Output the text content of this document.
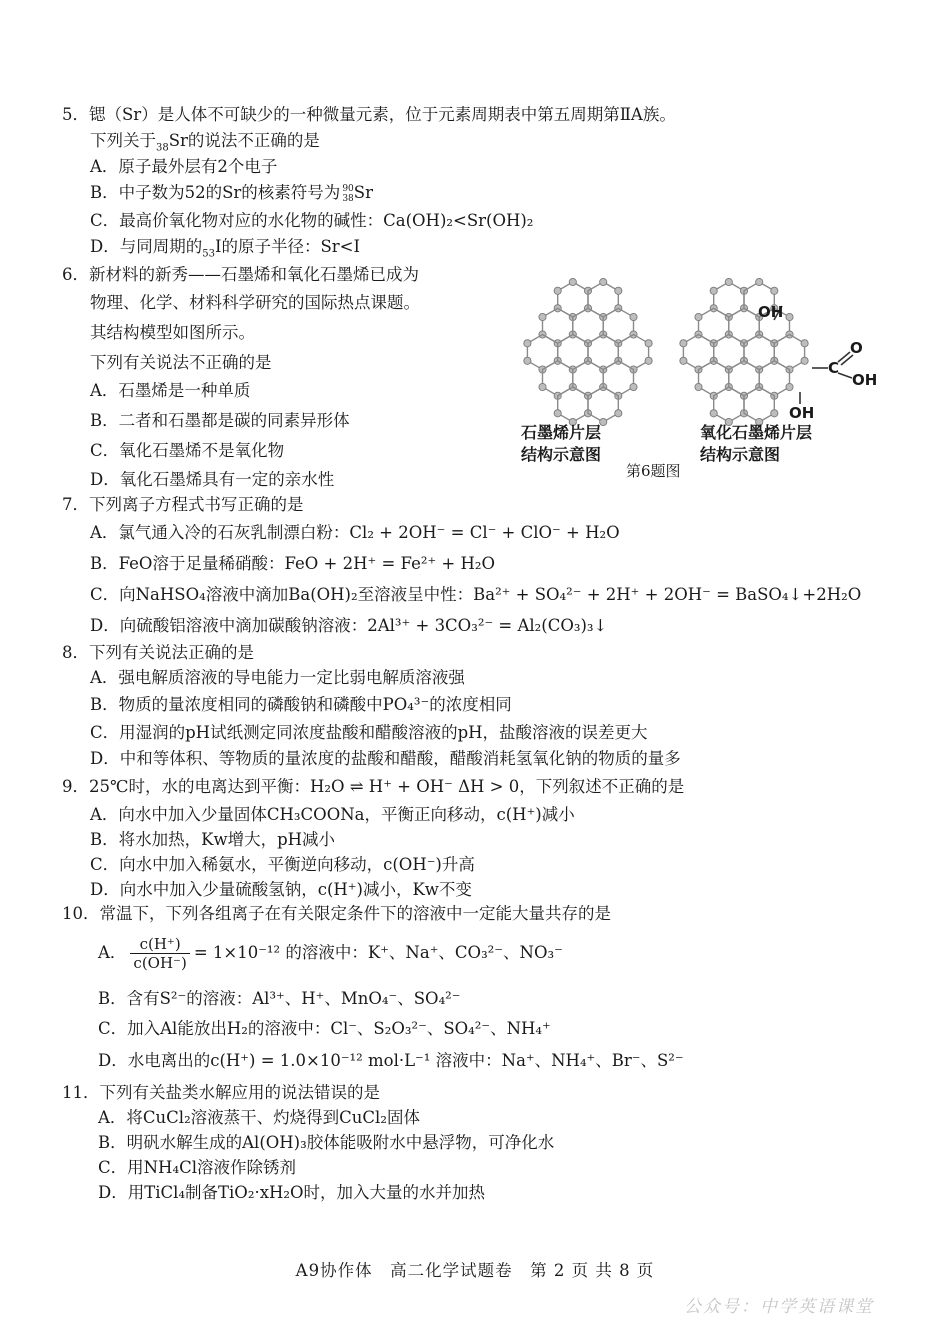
5．锶（Sr）是人体不可缺少的一种微量元素，位于元素周期表中第五周期第ⅡA族。
下列关于$_{38}$Sr的说法不正确的是
A．原子最外层有2个电子
B．中子数为52的Sr的核素符号为 90
38 Sr
C．最高价氧化物对应的水化物的碱性：Ca(OH)₂<Sr(OH)₂
D．与同周期的$_{53}$I的原子半径：Sr<I
6．新材料的新秀——石墨烯和氧化石墨烯已成为
物理、化学、材料科学研究的国际热点课题。
其结构模型如图所示。
下列有关说法不正确的是
A．石墨烯是一种单质
B．二者和石墨都是碳的同素异形体
C．氧化石墨烯不是氧化物
D．氧化石墨烯具有一定的亲水性
OH
O
C
OH
OH
石墨烯片层
结构示意图
氧化石墨烯片层
结构示意图
第6题图
7．下列离子方程式书写正确的是
A．氯气通入冷的石灰乳制漂白粉：Cl₂ + 2OH⁻ = Cl⁻ + ClO⁻ + H₂O
B．FeO溶于足量稀硝酸：FeO + 2H⁺ = Fe²⁺ + H₂O
C．向NaHSO₄溶液中滴加Ba(OH)₂至溶液呈中性：Ba²⁺ + SO₄²⁻ + 2H⁺ + 2OH⁻ = BaSO₄↓+2H₂O
D．向硫酸铝溶液中滴加碳酸钠溶液：2Al³⁺ + 3CO₃²⁻ = Al₂(CO₃)₃↓
8．下列有关说法正确的是
A．强电解质溶液的导电能力一定比弱电解质溶液强
B．物质的量浓度相同的磷酸钠和磷酸中PO₄³⁻的浓度相同
C．用湿润的pH试纸测定同浓度盐酸和醋酸溶液的pH，盐酸溶液的误差更大
D．中和等体积、等物质的量浓度的盐酸和醋酸，醋酸消耗氢氧化钠的物质的量多
9．25℃时，水的电离达到平衡：H₂O ⇌ H⁺ + OH⁻ ΔH > 0，下列叙述不正确的是
A．向水中加入少量固体CH₃COONa，平衡正向移动，c(H⁺)减小
B．将水加热，Kw增大，pH减小
C．向水中加入稀氨水，平衡逆向移动，c(OH⁻)升高
D．向水中加入少量硫酸氢钠，c(H⁺)减小，Kw不变
10．常温下，下列各组离子在有关限定条件下的溶液中一定能大量共存的是
A． $\frac{c(H^+)}{c(OH^-)} = 1\times 10^{-12}$ 的溶液中：K⁺、Na⁺、CO₃²⁻、NO₃⁻
B．含有S²⁻的溶液：Al³⁺、H⁺、MnO₄⁻、SO₄²⁻
C．加入Al能放出H₂的溶液中：Cl⁻、S₂O₃²⁻、SO₄²⁻、NH₄⁺
D．水电离出的c(H⁺) = 1.0×10⁻¹² mol·L⁻¹ 溶液中：Na⁺、NH₄⁺、Br⁻、S²⁻
11．下列有关盐类水解应用的说法错误的是
A．将CuCl₂溶液蒸干、灼烧得到CuCl₂固体
B．明矾水解生成的Al(OH)₃胶体能吸附水中悬浮物，可净化水
C．用NH₄Cl溶液作除锈剂
D．用TiCl₄制备TiO₂·xH₂O时，加入大量的水并加热
A9协作体　高二化学试题卷　第 2 页 共 8 页
公众号：中学英语课堂
